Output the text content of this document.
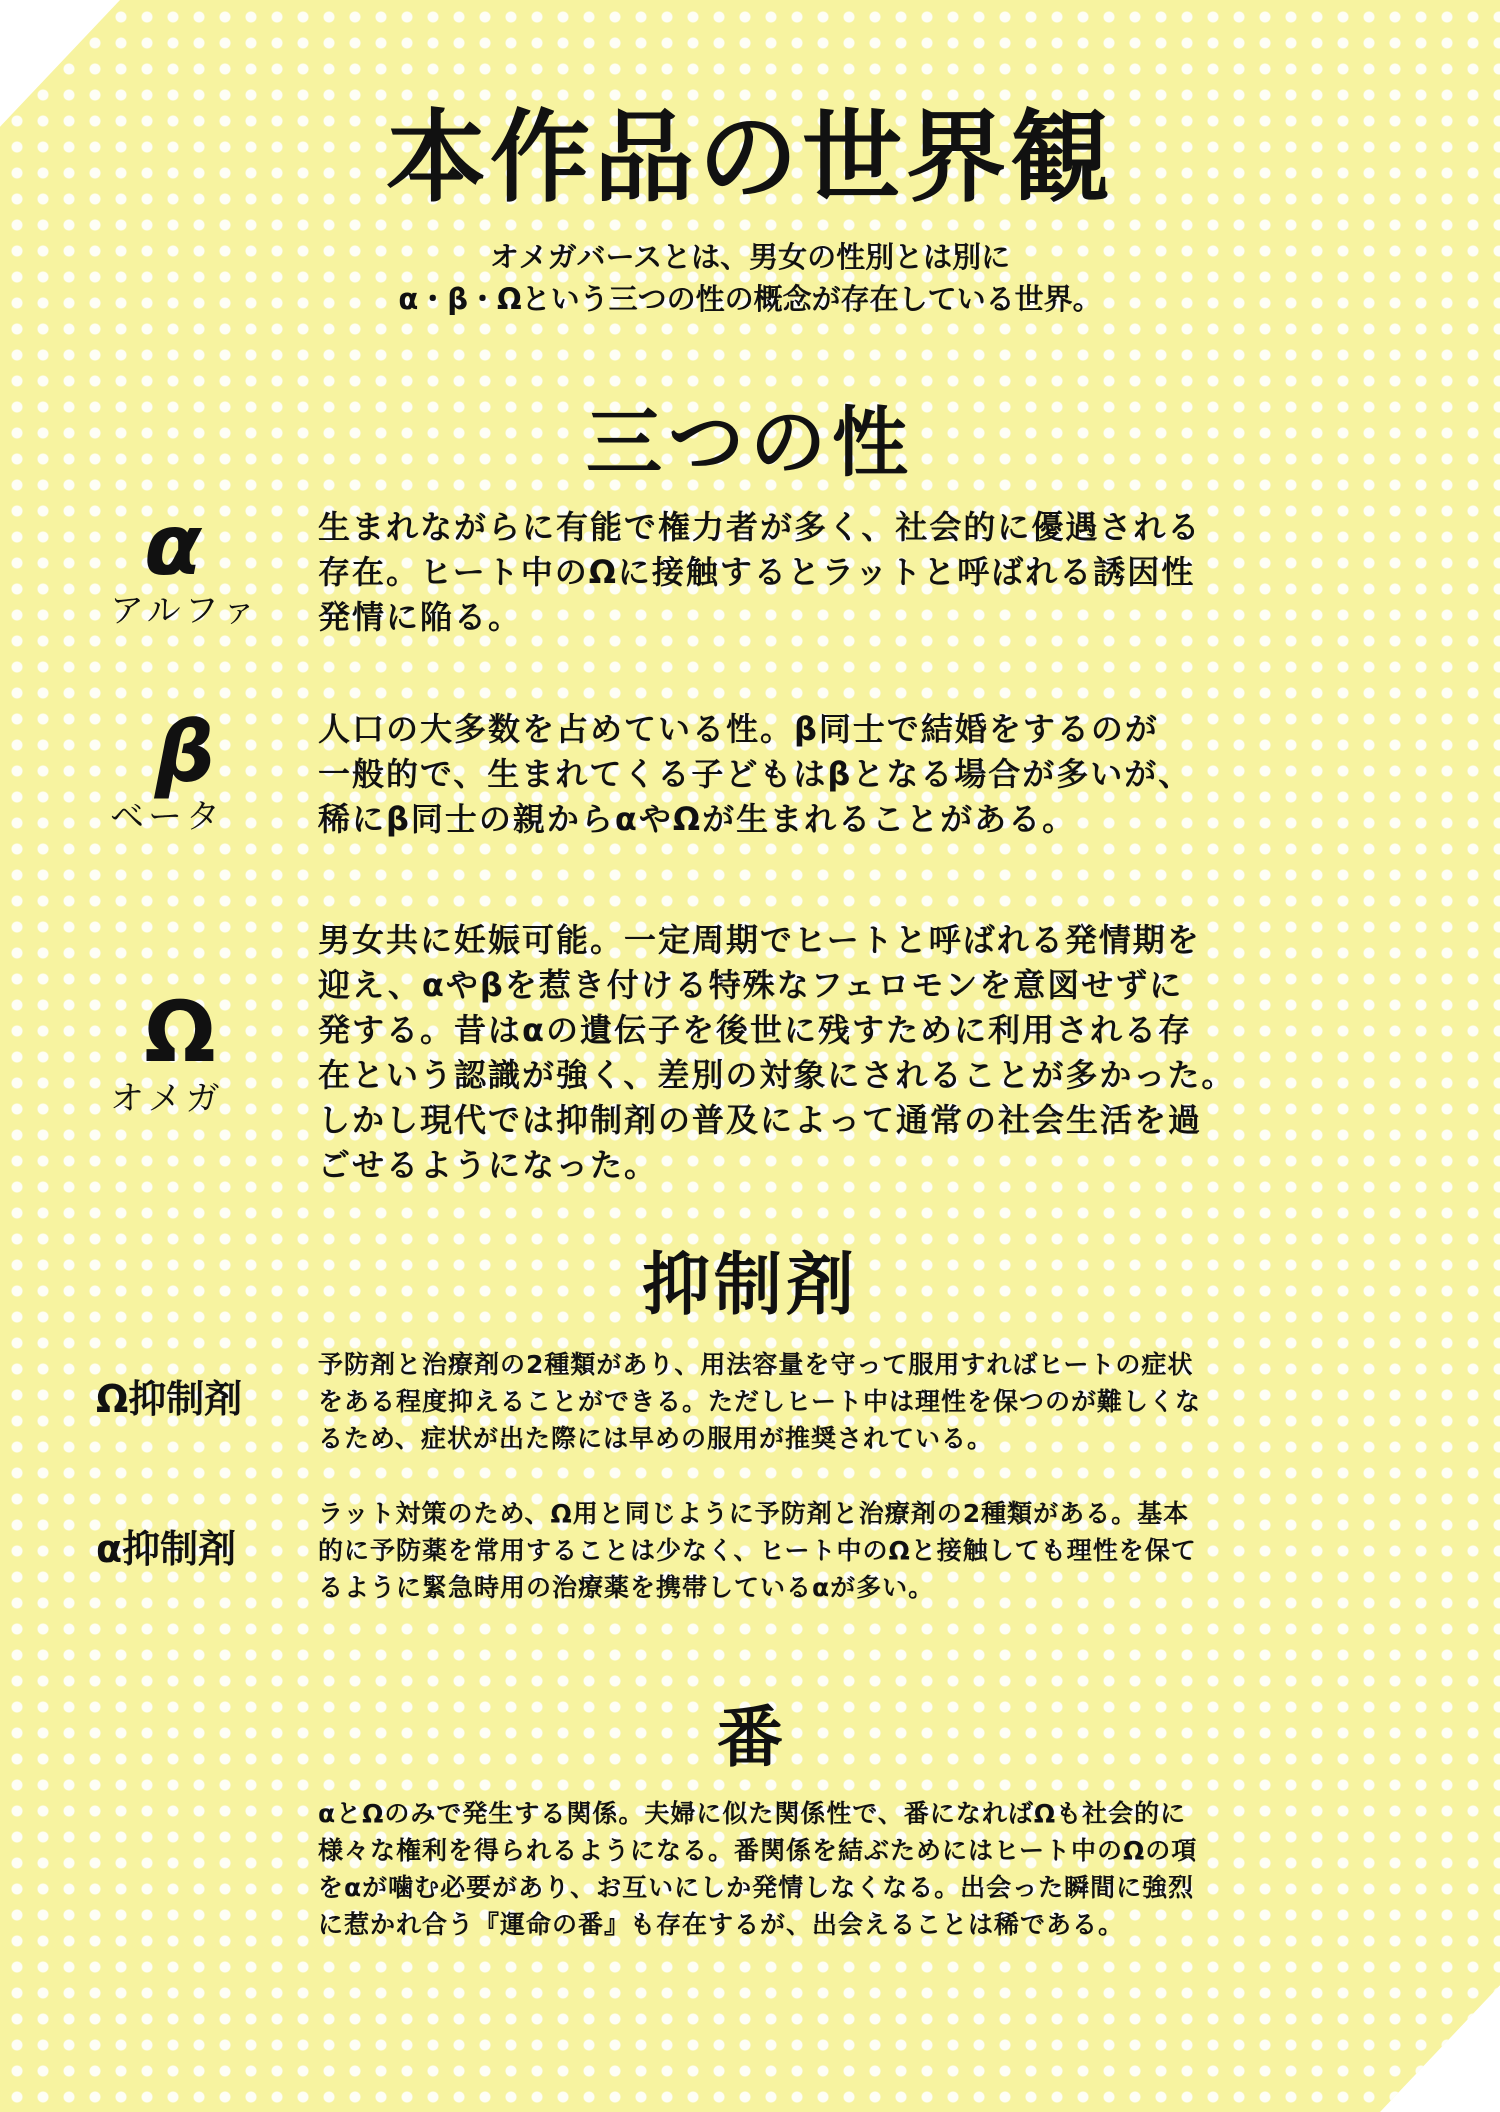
本作品の世界観
オメガバースとは、男女の性別とは別に
α・β・Ωという三つの性の概念が存在している世界。
三つの性
α
アルファ
生まれながらに有能で権力者が多く、社会的に優遇される
存在。ヒート中のΩに接触するとラットと呼ばれる誘因性
発情に陥る。
β
ベータ
人口の大多数を占めている性。β同士で結婚をするのが
一般的で、生まれてくる子どもはβとなる場合が多いが、
稀にβ同士の親からαやΩが生まれることがある。
Ω
オメガ
男女共に妊娠可能。一定周期でヒートと呼ばれる発情期を
迎え、αやβを惹き付ける特殊なフェロモンを意図せずに
発する。昔はαの遺伝子を後世に残すために利用される存
在という認識が強く、差別の対象にされることが多かった。
しかし現代では抑制剤の普及によって通常の社会生活を過
ごせるようになった。
抑制剤
Ω抑制剤
予防剤と治療剤の2種類があり、用法容量を守って服用すればヒートの症状
をある程度抑えることができる。ただしヒート中は理性を保つのが難しくな
るため、症状が出た際には早めの服用が推奨されている。
α抑制剤
ラット対策のため、Ω用と同じように予防剤と治療剤の2種類がある。基本
的に予防薬を常用することは少なく、ヒート中のΩと接触しても理性を保て
るように緊急時用の治療薬を携帯しているαが多い。
番
αとΩのみで発生する関係。夫婦に似た関係性で、番になればΩも社会的に
様々な権利を得られるようになる。番関係を結ぶためにはヒート中のΩの項
をαが噛む必要があり、お互いにしか発情しなくなる。出会った瞬間に強烈
に惹かれ合う『運命の番』も存在するが、出会えることは稀である。
